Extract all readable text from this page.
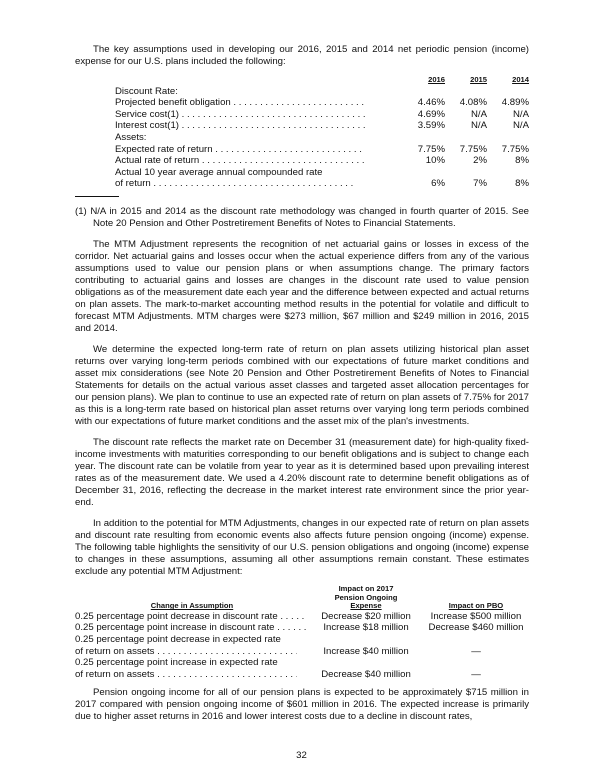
The key assumptions used in developing our 2016, 2015 and 2014 net periodic pension (income) expense for our U.S. plans included the following:

	2016	2015	2014
Discount Rate:			

Projected benefit obligation . . .	4.46%	4.08%	4.89%

Service cost(1) . . .	4.69%	N/A	N/A

Interest cost(1) . . .	3.59%	N/A	N/A
Assets:			

Expected rate of return . . .	7.75%	7.75%	7.75%

Actual rate of return . . .	10%	2%	8%
Actual 10 year average annual compounded rate			

of return . . .	6%	7%	8%

(1) N/A in 2015 and 2014 as the discount rate methodology was changed in fourth quarter of 2015. See Note 20 Pension and Other Postretirement Benefits of Notes to Financial Statements.

The MTM Adjustment represents the recognition of net actuarial gains or losses in excess of the corridor. Net actuarial gains and losses occur when the actual experience differs from any of the various assumptions used to value our pension plans or when assumptions change. The primary factors contributing to actuarial gains and losses are changes in the discount rate used to value pension obligations as of the measurement date each year and the difference between expected and actual returns on plan assets. The mark-to-market accounting method results in the potential for volatile and difficult to forecast MTM Adjustments. MTM charges were $273 million, $67 million and $249 million in 2016, 2015 and 2014.

We determine the expected long-term rate of return on plan assets utilizing historical plan asset returns over varying long-term periods combined with our expectations of future market conditions and asset mix considerations (see Note 20 Pension and Other Postretirement Benefits of Notes to Financial Statements for details on the actual various asset classes and targeted asset allocation percentages for our pension plans). We plan to continue to use an expected rate of return on plan assets of 7.75% for 2017 as this is a long-term rate based on historical plan asset returns over varying long term periods combined with our expectations of future market conditions and the asset mix of the plan's investments.

The discount rate reflects the market rate on December 31 (measurement date) for high-quality fixed-income investments with maturities corresponding to our benefit obligations and is subject to change each year. The discount rate can be volatile from year to year as it is determined based upon prevailing interest rates as of the measurement date. We used a 4.20% discount rate to determine benefit obligations as of December 31, 2016, reflecting the decrease in the market interest rate environment since the prior year-end.

In addition to the potential for MTM Adjustments, changes in our expected rate of return on plan assets and discount rate resulting from economic events also affects future pension ongoing (income) expense. The following table highlights the sensitivity of our U.S. pension obligations and ongoing (income) expense to changes in these assumptions, assuming all other assumptions remain constant. These estimates exclude any potential MTM Adjustment:

Change in Assumption	Impact on 2017
Pension Ongoing
Expense	Impact on PBO

0.25 percentage point decrease in discount rate . . .	Decrease $20 million	Increase $500 million

0.25 percentage point increase in discount rate . . .	Increase $18 million	Decrease $460 million
0.25 percentage point decrease in expected rate		

of return on assets . . .	Increase $40 million	—
0.25 percentage point increase in expected rate		

of return on assets . . .	Decrease $40 million	—

Pension ongoing income for all of our pension plans is expected to be approximately $715 million in 2017 compared with pension ongoing income of $601 million in 2016. The expected increase is primarily due to higher asset returns in 2016 and lower interest costs due to a decline in discount rates,

32
